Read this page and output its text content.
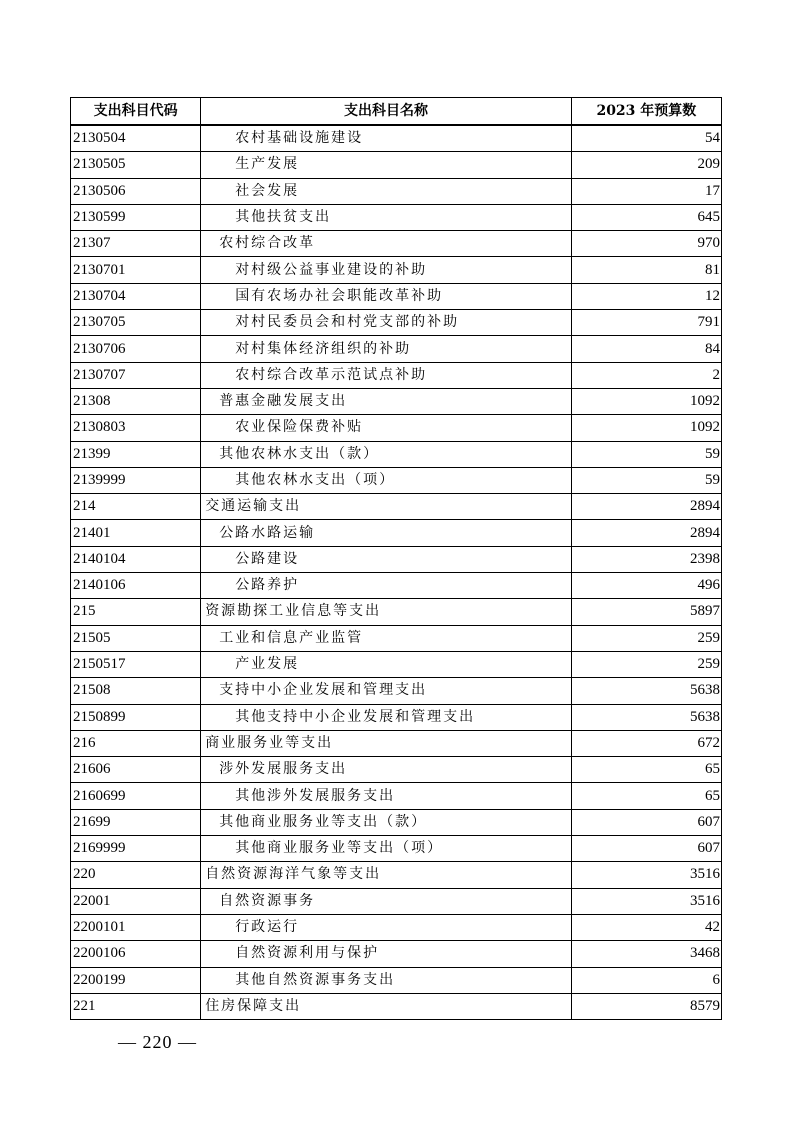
支出科目代码	支出科目名称	2023 年预算数
2130504	农村基础设施建设	54
2130505	生产发展	209
2130506	社会发展	17
2130599	其他扶贫支出	645
21307	农村综合改革	970
2130701	对村级公益事业建设的补助	81
2130704	国有农场办社会职能改革补助	12
2130705	对村民委员会和村党支部的补助	791
2130706	对村集体经济组织的补助	84
2130707	农村综合改革示范试点补助	2
21308	普惠金融发展支出	1092
2130803	农业保险保费补贴	1092
21399	其他农林水支出（款）	59
2139999	其他农林水支出（项）	59
214	交通运输支出	2894
21401	公路水路运输	2894
2140104	公路建设	2398
2140106	公路养护	496
215	资源勘探工业信息等支出	5897
21505	工业和信息产业监管	259
2150517	产业发展	259
21508	支持中小企业发展和管理支出	5638
2150899	其他支持中小企业发展和管理支出	5638
216	商业服务业等支出	672
21606	涉外发展服务支出	65
2160699	其他涉外发展服务支出	65
21699	其他商业服务业等支出（款）	607
2169999	其他商业服务业等支出（项）	607
220	自然资源海洋气象等支出	3516
22001	自然资源事务	3516
2200101	行政运行	42
2200106	自然资源利用与保护	3468
2200199	其他自然资源事务支出	6
221	住房保障支出	8579
— 220 —
